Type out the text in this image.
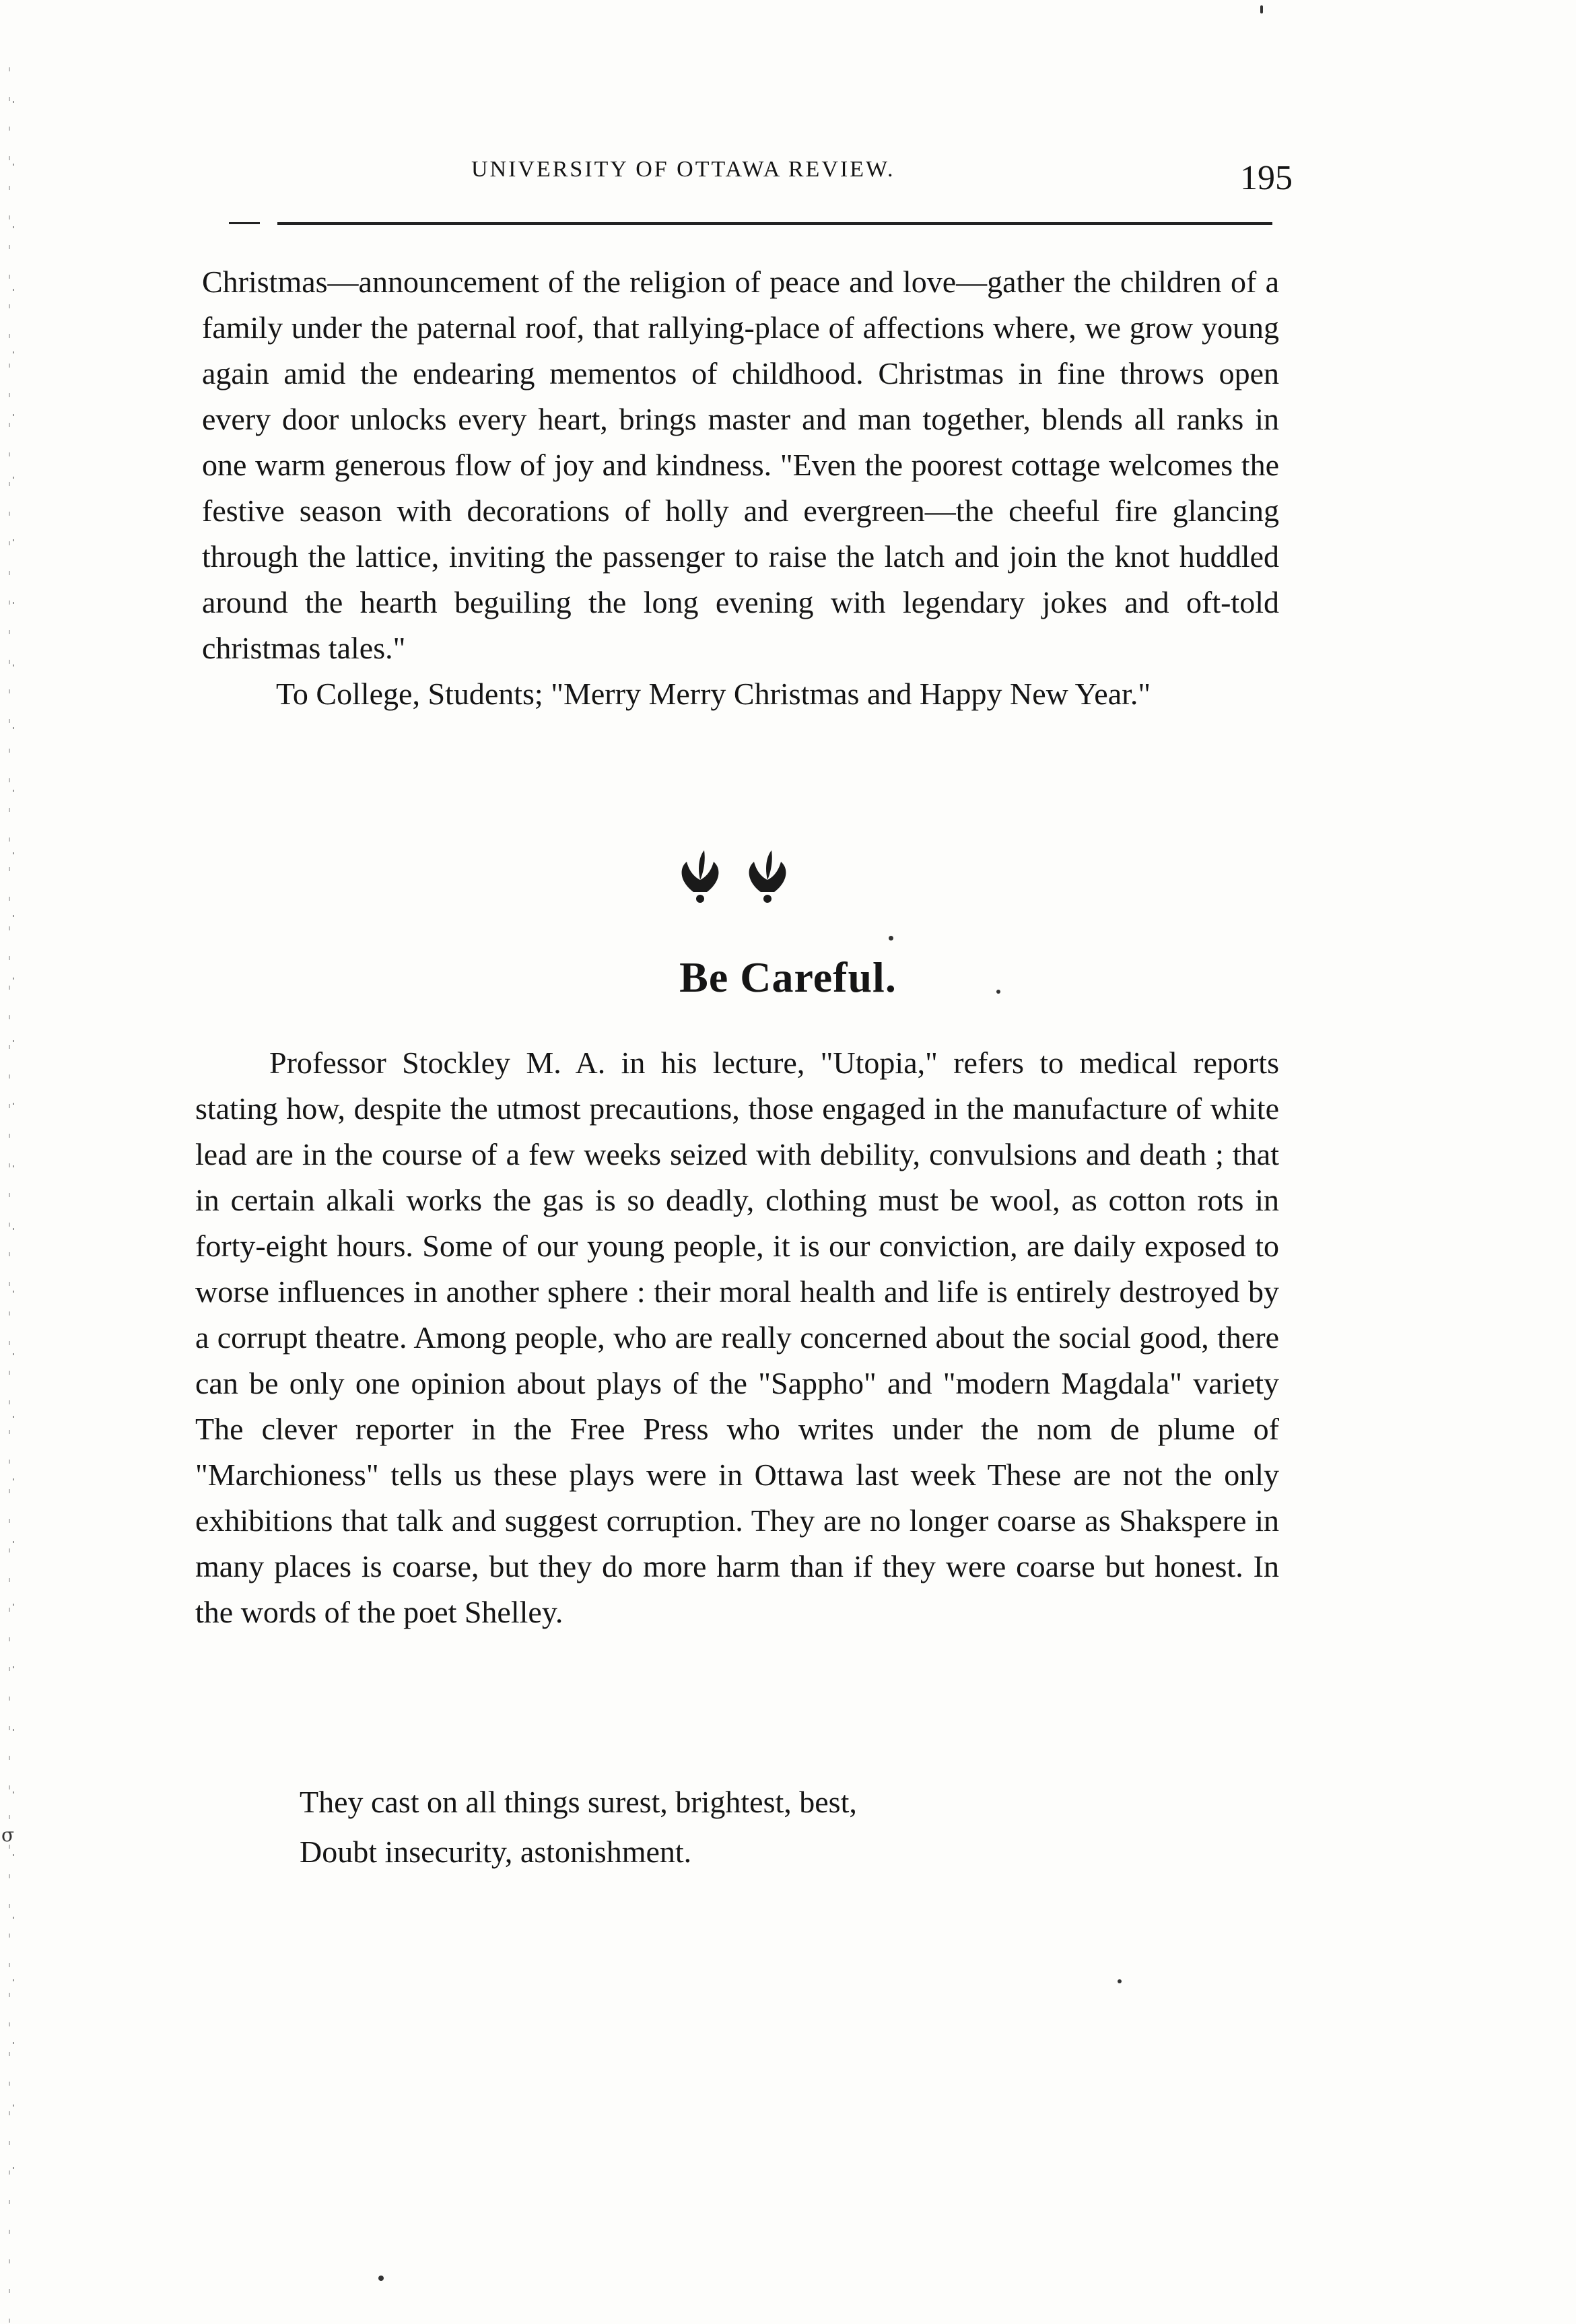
σ
UNIVERSITY OF OTTAWA REVIEW.	195

Christmas—announcement of the religion of peace and love—gather the children of a family under the paternal roof, that rallying-place of affections where, we grow young again amid the endearing mementos of childhood. Christmas in fine throws open every door unlocks every heart, brings master and man together, blends all ranks in one warm generous flow of joy and kindness. "Even the poorest cottage welcomes the festive season with decorations of holly and evergreen—the cheeful fire glancing through the lattice, inviting the passenger to raise the latch and join the knot huddled around the hearth beguiling the long evening with legendary jokes and oft-told christmas tales."

To College, Students; "Merry Merry Christmas and Happy New Year."

Be Careful.

Professor Stockley M. A. in his lecture, "Utopia," refers to medical reports stating how, despite the utmost precautions, those engaged in the manufacture of white lead are in the course of a few weeks seized with debility, convulsions and death ; that in certain alkali works the gas is so deadly, clothing must be wool, as cotton rots in forty-eight hours. Some of our young people, it is our conviction, are daily exposed to worse influences in another sphere : their moral health and life is entirely destroyed by a corrupt theatre. Among people, who are really concerned about the social good, there can be only one opinion about plays of the "Sappho" and "modern Magdala" variety The clever reporter in the Free Press who writes under the nom de plume of "Marchioness" tells us these plays were in Ottawa last week These are not the only exhibitions that talk and suggest corruption. They are no longer coarse as Shakspere in many places is coarse, but they do more harm than if they were coarse but honest. In the words of the poet Shelley.

They cast on all things surest, brightest, best,
Doubt insecurity, astonishment.
